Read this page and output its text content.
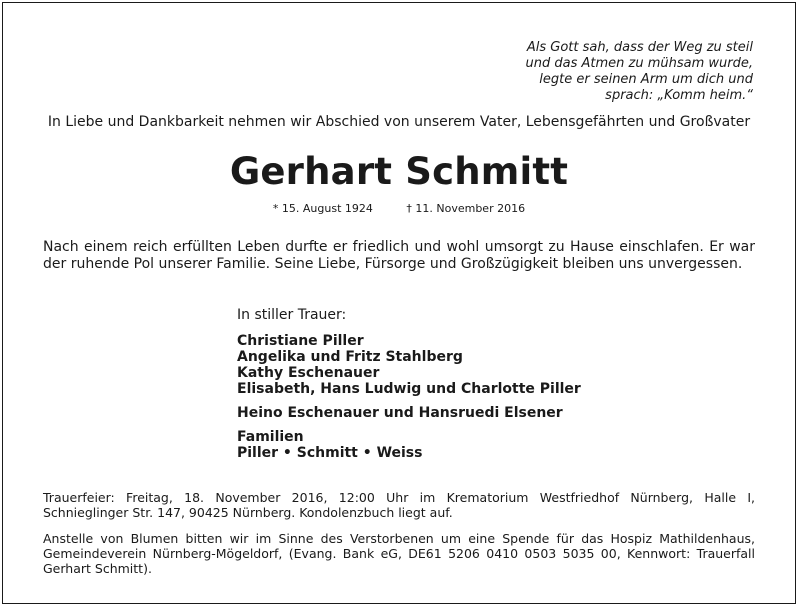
Als Gott sah, dass der Weg zu steil
und das Atmen zu mühsam wurde,
legte er seinen Arm um dich und
sprach: „Komm heim.“
In Liebe und Dankbarkeit nehmen wir Abschied von unserem Vater, Lebensgefährten und Großvater
Gerhart Schmitt
* 15. August 1924	† 11. November 2016
Nach einem reich erfüllten Leben durfte er friedlich und wohl umsorgt zu Hause einschlafen. Er war der ruhende Pol unserer Familie. Seine Liebe, Fürsorge und Großzügigkeit bleiben uns unvergessen.
In stiller Trauer:
Christiane Piller
Angelika und Fritz Stahlberg
Kathy Eschenauer
Elisabeth, Hans Ludwig und Charlotte Piller
Heino Eschenauer und Hansruedi Elsener
Familien
Piller • Schmitt • Weiss
Trauerfeier: Freitag, 18. November 2016, 12:00 Uhr im Krematorium Westfriedhof Nürnberg, Halle I, Schnieglinger Str. 147, 90425 Nürnberg. Kondolenzbuch liegt auf.
Anstelle von Blumen bitten wir im Sinne des Verstorbenen um eine Spende für das Hospiz Mathildenhaus, Gemeindeverein Nürnberg-Mögeldorf, (Evang. Bank eG, DE61 5206 0410 0503 5035 00, Kennwort: Trauerfall Gerhart Schmitt).
